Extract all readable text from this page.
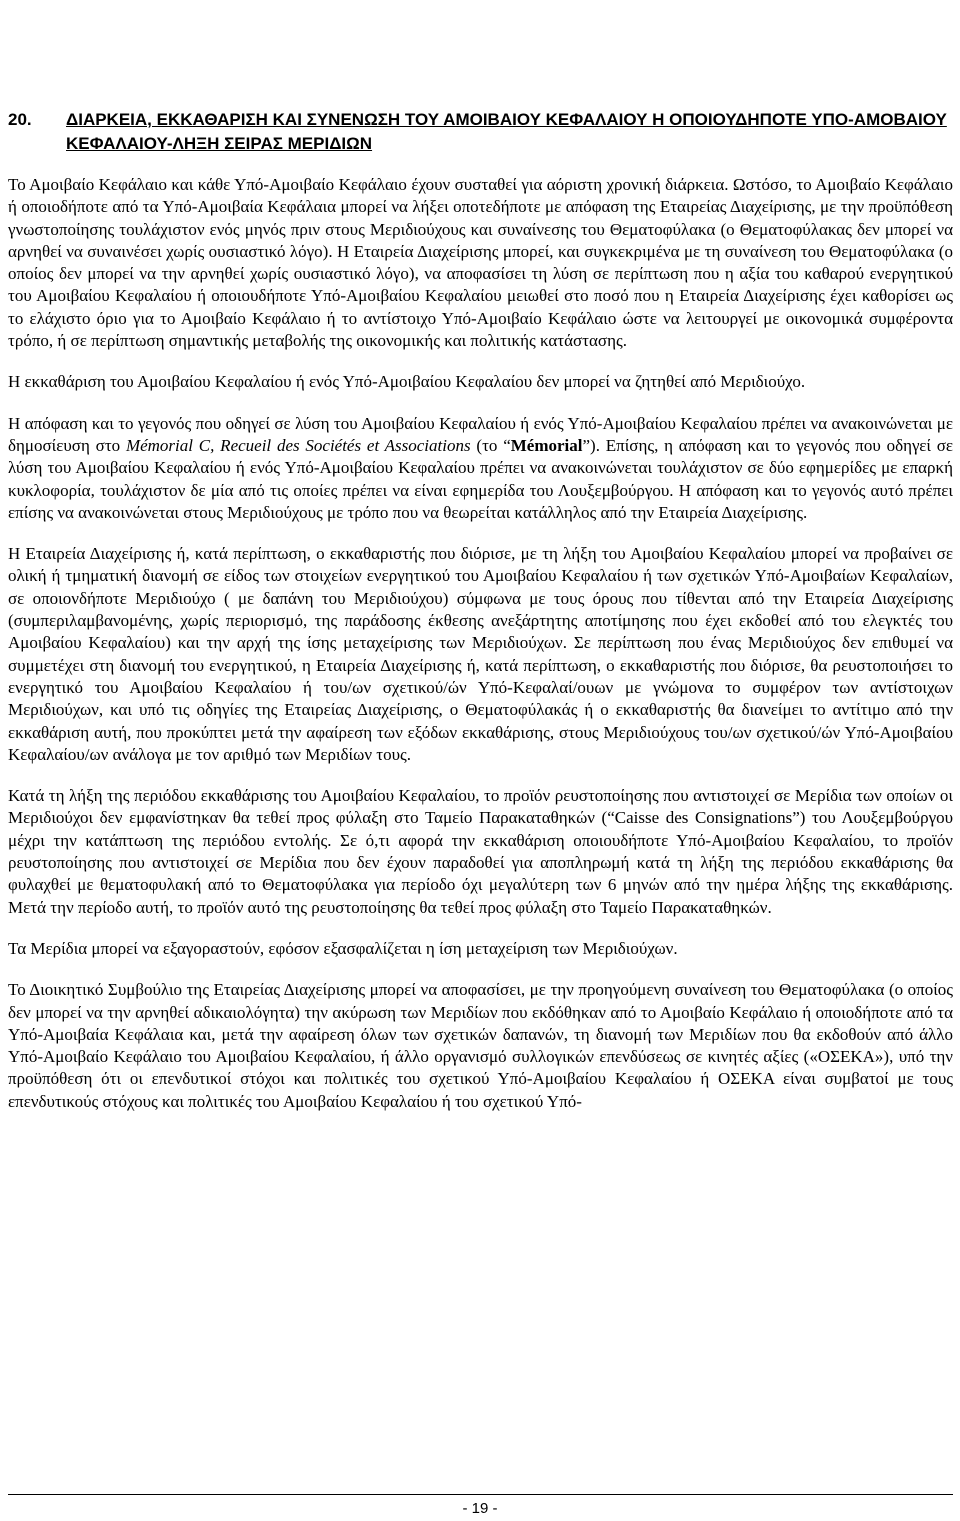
20.	ΔΙΑΡΚΕΙΑ, ΕΚΚΑΘΑΡΙΣΗ ΚΑΙ ΣΥΝΕΝΩΣΗ ΤΟΥ ΑΜΟΙΒΑΙΟΥ ΚΕΦΑΛΑΙΟΥ Η ΟΠΟΙΟΥΔΗΠΟΤΕ ΥΠΟ-ΑΜΟΒΑΙΟΥ ΚΕΦΑΛΑΙΟΥ-ΛΗΞΗ ΣΕΙΡΑΣ ΜΕΡΙΔΙΩΝ

Το Αμοιβαίο Κεφάλαιο και κάθε Υπό-Αμοιβαίο Κεφάλαιο έχουν συσταθεί για αόριστη χρονική διάρκεια. Ωστόσο, το Αμοιβαίο Κεφάλαιο ή οποιοδήποτε από τα Υπό-Αμοιβαία Κεφάλαια μπορεί να λήξει οποτεδήποτε με απόφαση της Εταιρείας Διαχείρισης, με την προϋπόθεση γνωστοποίησης τουλάχιστον ενός μηνός πριν στους Μεριδιούχους και συναίνεσης του Θεματοφύλακα (ο Θεματοφύλακας δεν μπορεί να αρνηθεί να συναινέσει χωρίς ουσιαστικό λόγο). Η Εταιρεία Διαχείρισης μπορεί, και συγκεκριμένα με τη συναίνεση του Θεματοφύλακα (ο οποίος δεν μπορεί να την αρνηθεί χωρίς ουσιαστικό λόγο), να αποφασίσει τη λύση σε περίπτωση που η αξία του καθαρού ενεργητικού του Αμοιβαίου Κεφαλαίου ή οποιουδήποτε Υπό-Αμοιβαίου Κεφαλαίου μειωθεί στο ποσό που η Εταιρεία Διαχείρισης έχει καθορίσει ως το ελάχιστο όριο για το Αμοιβαίο Κεφάλαιο ή το αντίστοιχο Υπό-Αμοιβαίο Κεφάλαιο ώστε να λειτουργεί με οικονομικά συμφέροντα τρόπο, ή σε περίπτωση σημαντικής μεταβολής της οικονομικής και πολιτικής κατάστασης.

Η εκκαθάριση του Αμοιβαίου Κεφαλαίου ή ενός Υπό-Αμοιβαίου Κεφαλαίου δεν μπορεί να ζητηθεί από Μεριδιούχο.

Η απόφαση και το γεγονός που οδηγεί σε λύση του Αμοιβαίου Κεφαλαίου ή ενός Υπό-Αμοιβαίου Κεφαλαίου πρέπει να ανακοινώνεται με δημοσίευση στο Mémorial C, Recueil des Sociétés et Associations (το “Mémorial”). Επίσης, η απόφαση και το γεγονός που οδηγεί σε λύση του Αμοιβαίου Κεφαλαίου ή ενός Υπό-Αμοιβαίου Κεφαλαίου πρέπει να ανακοινώνεται τουλάχιστον σε δύο εφημερίδες με επαρκή κυκλοφορία, τουλάχιστον δε μία από τις οποίες πρέπει να είναι εφημερίδα του Λουξεμβούργου. Η απόφαση και το γεγονός αυτό πρέπει επίσης να ανακοινώνεται στους Μεριδιούχους με τρόπο που να θεωρείται κατάλληλος από την Εταιρεία Διαχείρισης.

Η Εταιρεία Διαχείρισης ή, κατά περίπτωση, ο εκκαθαριστής που διόρισε, με τη λήξη του Αμοιβαίου Κεφαλαίου μπορεί να προβαίνει σε ολική ή τμηματική διανομή σε είδος των στοιχείων ενεργητικού του Αμοιβαίου Κεφαλαίου ή των σχετικών Υπό-Αμοιβαίων Κεφαλαίων, σε οποιονδήποτε Μεριδιούχο ( με δαπάνη του Μεριδιούχου) σύμφωνα με τους όρους που τίθενται από την Εταιρεία Διαχείρισης (συμπεριλαμβανομένης, χωρίς περιορισμό, της παράδοσης έκθεσης ανεξάρτητης αποτίμησης που έχει εκδοθεί από του ελεγκτές του Αμοιβαίου Κεφαλαίου) και την αρχή της ίσης μεταχείρισης των Μεριδιούχων. Σε περίπτωση που ένας Μεριδιούχος δεν επιθυμεί να συμμετέχει στη διανομή του ενεργητικού, η Εταιρεία Διαχείρισης ή, κατά περίπτωση, ο εκκαθαριστής που διόρισε, θα ρευστοποιήσει το ενεργητικό του Αμοιβαίου Κεφαλαίου ή του/ων σχετικού/ών Υπό-Κεφαλαί/ουων με γνώμονα το συμφέρον των αντίστοιχων Μεριδιούχων, και υπό τις οδηγίες της Εταιρείας Διαχείρισης, ο Θεματοφύλακάς ή ο εκκαθαριστής θα διανείμει το αντίτιμο από την εκκαθάριση αυτή, που προκύπτει μετά την αφαίρεση των εξόδων εκκαθάρισης, στους Μεριδιούχους του/ων σχετικού/ών Υπό-Αμοιβαίου Κεφαλαίου/ων ανάλογα με τον αριθμό των Μεριδίων τους.

Κατά τη λήξη της περιόδου εκκαθάρισης του Αμοιβαίου Κεφαλαίου, το προϊόν ρευστοποίησης που αντιστοιχεί σε Μερίδια των οποίων οι Μεριδιούχοι δεν εμφανίστηκαν θα τεθεί προς φύλαξη στο Ταμείο Παρακαταθηκών (“Caisse des Consignations”) του Λουξεμβούργου μέχρι την κατάπτωση της περιόδου εντολής. Σε ό,τι αφορά την εκκαθάριση οποιουδήποτε Υπό-Αμοιβαίου Κεφαλαίου, το προϊόν ρευστοποίησης που αντιστοιχεί σε Μερίδια που δεν έχουν παραδοθεί για αποπληρωμή κατά τη λήξη της περιόδου εκκαθάρισης θα φυλαχθεί με θεματοφυλακή από το Θεματοφύλακα για περίοδο όχι μεγαλύτερη των 6 μηνών από την ημέρα λήξης της εκκαθάρισης. Μετά την περίοδο αυτή, το προϊόν αυτό της ρευστοποίησης θα τεθεί προς φύλαξη στο Ταμείο Παρακαταθηκών.

Τα Μερίδια μπορεί να εξαγοραστούν, εφόσον εξασφαλίζεται η ίση μεταχείριση των Μεριδιούχων.

Το Διοικητικό Συμβούλιο της Εταιρείας Διαχείρισης μπορεί να αποφασίσει, με την προηγούμενη συναίνεση του Θεματοφύλακα (ο οποίος δεν μπορεί να την αρνηθεί αδικαιολόγητα) την ακύρωση των Μεριδίων που εκδόθηκαν από το Αμοιβαίο Κεφάλαιο ή οποιοδήποτε από τα Υπό-Αμοιβαία Κεφάλαια και, μετά την αφαίρεση όλων των σχετικών δαπανών, τη διανομή των Μεριδίων που θα εκδοθούν από άλλο Υπό-Αμοιβαίο Κεφάλαιο του Αμοιβαίου Κεφαλαίου, ή άλλο οργανισμό συλλογικών επενδύσεως σε κινητές αξίες («ΟΣΕΚΑ»), υπό την προϋπόθεση ότι οι επενδυτικοί στόχοι και πολιτικές του σχετικού Υπό-Αμοιβαίου Κεφαλαίου ή ΟΣΕΚΑ είναι συμβατοί με τους επενδυτικούς στόχους και πολιτικές του Αμοιβαίου Κεφαλαίου ή του σχετικού Υπό-

- 19 -
